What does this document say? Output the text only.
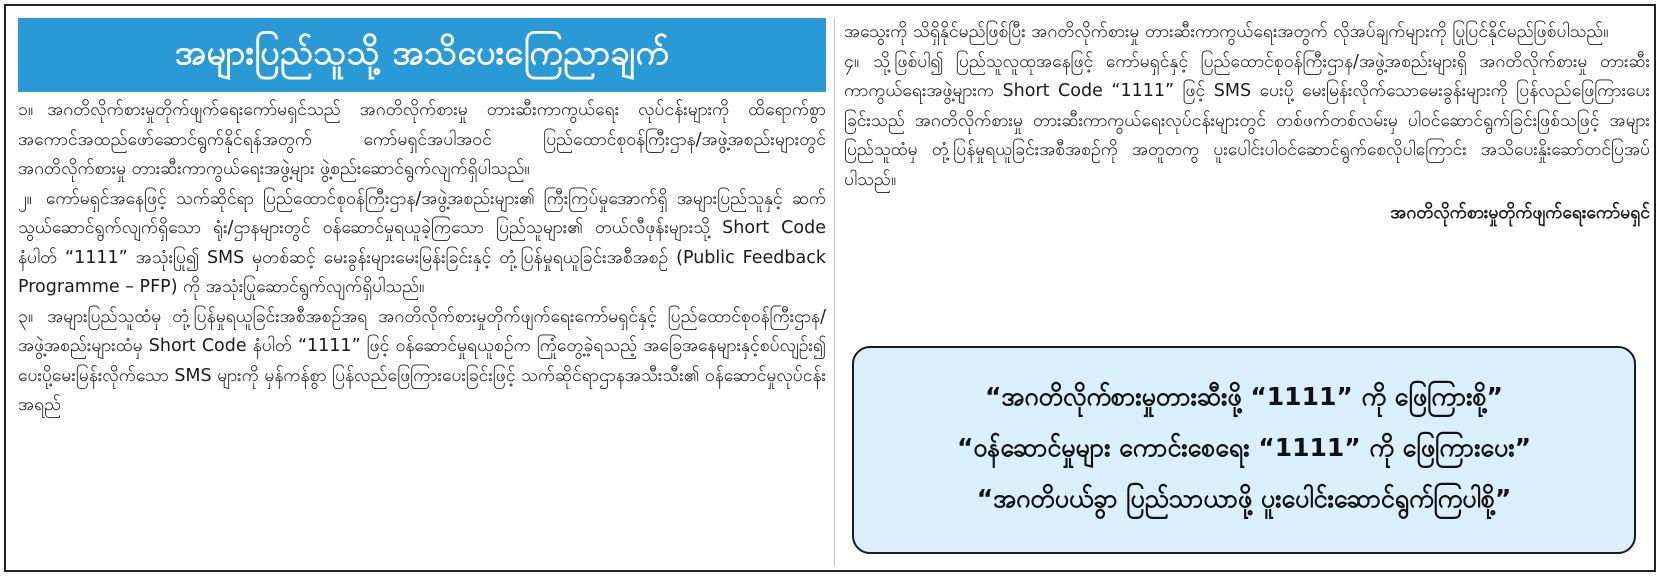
အများပြည်သူသို့ အသိပေးကြေညာချက်

၁။ အဂတိလိုက်စားမှုတိုက်ဖျက်ရေးကော်မရှင်သည် အဂတိလိုက်စားမှု တားဆီးကာကွယ်ရေး လုပ်ငန်းများကို ထိရောက်စွာ အကောင်အထည်ဖော်ဆောင်ရွက်နိုင်ရန်အတွက် ကော်မရှင်အပါအဝင် ပြည်ထောင်စုဝန်ကြီးဌာန/အဖွဲ့အစည်းများတွင် အဂတိလိုက်စားမှု တားဆီးကာကွယ်ရေးအဖွဲ့များ ဖွဲ့စည်းဆောင်ရွက်လျက်ရှိပါသည်။

၂။ ကော်မရှင်အနေဖြင့် သက်ဆိုင်ရာ ပြည်ထောင်စုဝန်ကြီးဌာန/အဖွဲ့အစည်းများ၏ ကြီးကြပ်မှုအောက်ရှိ အများပြည်သူနှင့် ဆက်သွယ်ဆောင်ရွက်လျက်ရှိသော ရုံး/ဌာနများတွင် ဝန်ဆောင်မှုရယူခဲ့ကြသော ပြည်သူများ၏ တယ်လီဖုန်းများသို့ Short Code နံပါတ် “1111” အသုံးပြု၍ SMS မှတစ်ဆင့် မေးခွန်းများမေးမြန်းခြင်းနှင့် တုံ့ပြန်မှုရယူခြင်းအစီအစဉ် (Public Feedback Programme – PFP) ကို အသုံးပြုဆောင်ရွက်လျက်ရှိပါသည်။

၃။ အများပြည်သူထံမှ တုံ့ပြန်မှုရယူခြင်းအစီအစဉ်အရ အဂတိလိုက်စားမှုတိုက်ဖျက်ရေးကော်မရှင်နှင့် ပြည်ထောင်စုဝန်ကြီးဌာန/ အဖွဲ့အစည်းများထံမှ Short Code နံပါတ် “1111” ဖြင့် ဝန်ဆောင်မှုရယူစဉ်က ကြုံတွေ့ခဲ့ရသည့် အခြေအနေများနှင့်စပ်လျဉ်း၍ ပေးပို့မေးမြန်းလိုက်သော SMS များကို မှန်ကန်စွာ ပြန်လည်ဖြေကြားပေးခြင်းဖြင့် သက်ဆိုင်ရာဌာနအသီးသီး၏ ဝန်ဆောင်မှုလုပ်ငန်းအရည်

အသွေးကို သိရှိနိုင်မည်ဖြစ်ပြီး အဂတိလိုက်စားမှု တားဆီးကာကွယ်ရေးအတွက် လိုအပ်ချက်များကို ပြုပြင်နိုင်မည်ဖြစ်ပါသည်။

၄။ သို့ဖြစ်ပါ၍ ပြည်သူလူထုအနေဖြင့် ကော်မရှင်နှင့် ပြည်ထောင်စုဝန်ကြီးဌာန/အဖွဲ့အစည်းများရှိ အဂတိလိုက်စားမှု တားဆီးကာကွယ်ရေးအဖွဲ့များက Short Code “1111” ဖြင့် SMS ပေးပို့ မေးမြန်းလိုက်သောမေးခွန်းများကို ပြန်လည်ဖြေကြားပေးခြင်းသည် အဂတိလိုက်စားမှု တားဆီးကာကွယ်ရေးလုပ်ငန်းများတွင် တစ်ဖက်တစ်လမ်းမှ ပါဝင်ဆောင်ရွက်ခြင်းဖြစ်သဖြင့် အများပြည်သူထံမှ တုံ့ပြန်မှုရယူခြင်းအစီအစဉ်ကို အတူတကွ ပူးပေါင်းပါဝင်ဆောင်ရွက်စေလိုပါကြောင်း အသိပေးနှိုးဆော်တင်ပြအပ်ပါသည်။

အဂတိလိုက်စားမှုတိုက်ဖျက်ရေးကော်မရှင်
“အဂတိလိုက်စားမှုတားဆီးဖို့ “1111” ကို ဖြေကြားစို့”
“ဝန်ဆောင်မှုများ ကောင်းစေရေး “1111” ကို ဖြေကြားပေး”
“အဂတိပယ်ခွာ ပြည်သာယာဖို့ ပူးပေါင်းဆောင်ရွက်ကြပါစို့”
